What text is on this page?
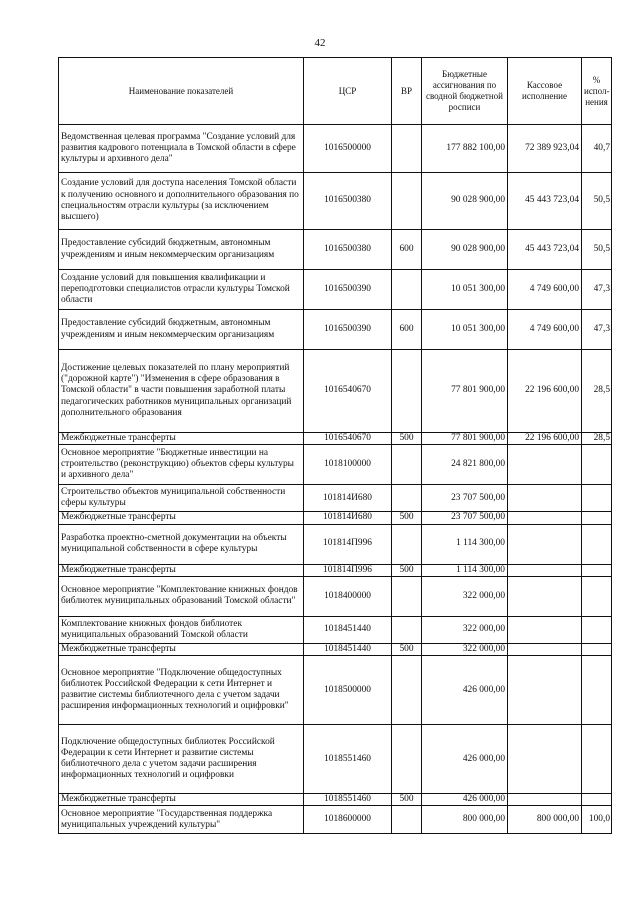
42
Наименование показателей	ЦСР	ВР	Бюджетные ассигнования по сводной бюджетной росписи	Кассовое исполнение	% испол-нения
Ведомственная целевая программа "Создание условий для развития кадрового потенциала в Томской области в сфере культуры и архивного дела"	1016500000		177 882 100,00	72 389 923,04	40,7
Создание условий для доступа населения Томской области к получению основного и дополнительного образования по специальностям отрасли культуры (за исключением высшего)	1016500380		90 028 900,00	45 443 723,04	50,5
Предоставление субсидий бюджетным, автономным учреждениям и иным некоммерческим организациям	1016500380	600	90 028 900,00	45 443 723,04	50,5
Создание условий для повышения квалификации и переподготовки специалистов отрасли культуры Томской области	1016500390		10 051 300,00	4 749 600,00	47,3
Предоставление субсидий бюджетным, автономным учреждениям и иным некоммерческим организациям	1016500390	600	10 051 300,00	4 749 600,00	47,3
Достижение целевых показателей по плану мероприятий ("дорожной карте") "Изменения в сфере образования в Томской области" в части повышения заработной платы педагогических работников муниципальных организаций дополнительного образования	1016540670		77 801 900,00	22 196 600,00	28,5
Межбюджетные трансферты	1016540670	500	77 801 900,00	22 196 600,00	28,5
Основное мероприятие "Бюджетные инвестиции на строительство (реконструкцию) объектов сферы культуры и архивного дела"	1018100000		24 821 800,00		
Строительство объектов муниципальной собственности сферы культуры	101814И680		23 707 500,00		
Межбюджетные трансферты	101814И680	500	23 707 500,00		
Разработка проектно-сметной документации на объекты муниципальной собственности в сфере культуры	101814П996		1 114 300,00		
Межбюджетные трансферты	101814П996	500	1 114 300,00		
Основное мероприятие "Комплектование книжных фондов библиотек муниципальных образований Томской области"	1018400000		322 000,00		
Комплектование книжных фондов библиотек муниципальных образований Томской области	1018451440		322 000,00		
Межбюджетные трансферты	1018451440	500	322 000,00		
Основное мероприятие "Подключение общедоступных библиотек Российской Федерации к сети Интернет и развитие системы библиотечного дела с учетом задачи расширения информационных технологий и оцифровки"	1018500000		426 000,00		
Подключение общедоступных библиотек Российской Федерации к сети Интернет и развитие системы библиотечного дела с учетом задачи расширения информационных технологий и оцифровки	1018551460		426 000,00		
Межбюджетные трансферты	1018551460	500	426 000,00		
Основное мероприятие "Государственная поддержка муниципальных учреждений культуры"	1018600000		800 000,00	800 000,00	100,0
